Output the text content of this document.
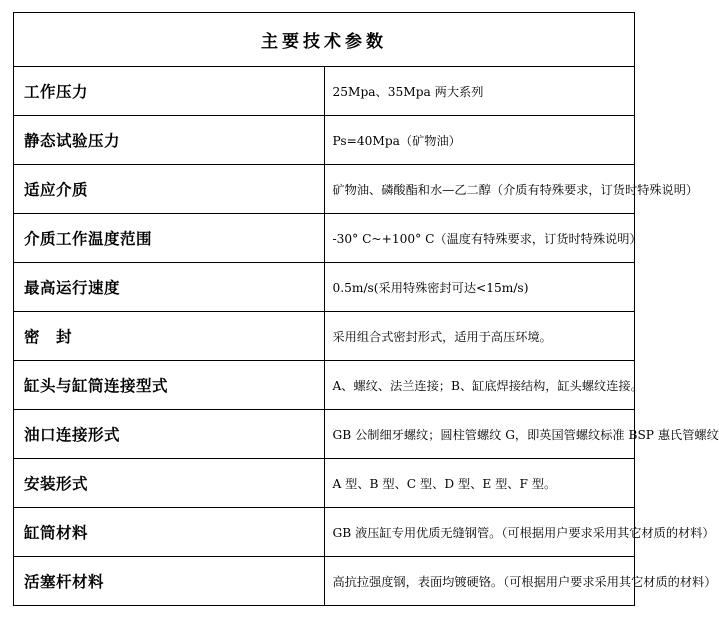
主要技术参数	
工作压力	25Mpa、35Mpa 两大系列
静态试验压力	Ps=40Mpa（矿物油）
适应介质	矿物油、磷酸酯和水—乙二醇（介质有特殊要求，订货时特殊说明）
介质工作温度范围	-30° C~+100° C（温度有特殊要求，订货时特殊说明）
最高运行速度	0.5m/s(采用特殊密封可达<15m/s)
密　封	采用组合式密封形式，适用于高压环境。
缸头与缸筒连接型式	A、螺纹、法兰连接；B、缸底焊接结构，缸头螺纹连接。
油口连接形式	GB 公制细牙螺纹；圆柱管螺纹 G，即英国管螺纹标准 BSP 惠氏管螺纹
安装形式	A 型、B 型、C 型、D 型、E 型、F 型。
缸筒材料	GB 液压缸专用优质无缝钢管。（可根据用户要求采用其它材质的材料）
活塞杆材料	高抗拉强度钢，表面均镀硬铬。（可根据用户要求采用其它材质的材料）
